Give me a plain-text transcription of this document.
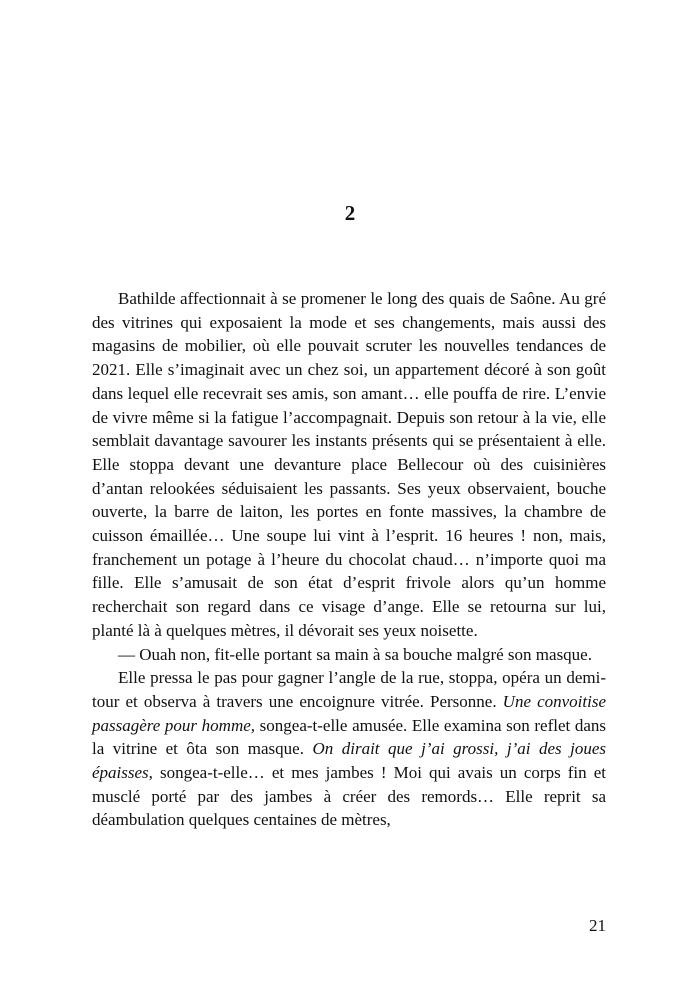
2

Bathilde affectionnait à se promener le long des quais de Saône. Au gré des vitrines qui exposaient la mode et ses changements, mais aussi des magasins de mobilier, où elle pouvait scruter les nouvelles tendances de 2021. Elle s’imaginait avec un chez soi, un appartement décoré à son goût dans lequel elle recevrait ses amis, son amant… elle pouffa de rire. L’envie de vivre même si la fatigue l’accompagnait. Depuis son retour à la vie, elle semblait davantage savourer les instants présents qui se présentaient à elle. Elle stoppa devant une devanture place Bellecour où des cuisinières d’antan relookées séduisaient les passants. Ses yeux observaient, bouche ouverte, la barre de laiton, les portes en fonte massives, la chambre de cuisson émaillée… Une soupe lui vint à l’esprit. 16 heures ! non, mais, franchement un potage à l’heure du chocolat chaud… n’importe quoi ma fille. Elle s’amusait de son état d’esprit frivole alors qu’un homme recherchait son regard dans ce visage d’ange. Elle se retourna sur lui, planté là à quelques mètres, il dévorait ses yeux noisette.

— Ouah non, fit-elle portant sa main à sa bouche malgré son masque.

Elle pressa le pas pour gagner l’angle de la rue, stoppa, opéra un demi-tour et observa à travers une encoignure vitrée. Personne. Une convoitise passagère pour homme, songea-t-elle amusée. Elle examina son reflet dans la vitrine et ôta son masque. On dirait que j’ai grossi, j’ai des joues épaisses, songea-t-elle… et mes jambes ! Moi qui avais un corps fin et musclé porté par des jambes à créer des remords… Elle reprit sa déambulation quelques centaines de mètres,

21
